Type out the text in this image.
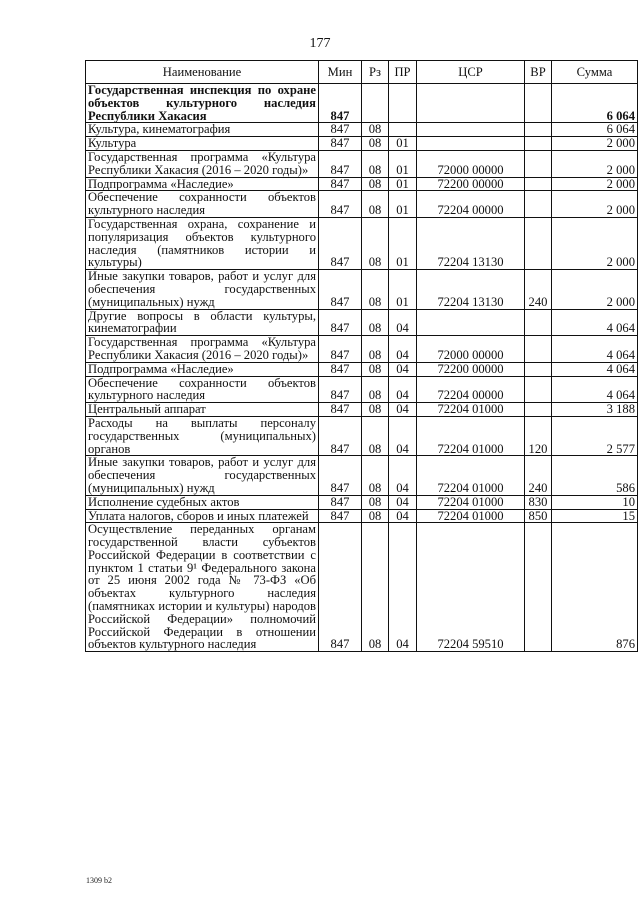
177
Наименование	Мин	Рз	ПР	ЦСР	ВР	Сумма
Государственная инспекция по охране объектов культурного наследия Республики Хакасия	847					6 064
Культура, кинематография	847	08				6 064
Культура	847	08	01			2 000
Государственная программа «Культура Республики Хакасия (2016 – 2020 годы)»	847	08	01	72000 00000		2 000
Подпрограмма «Наследие»	847	08	01	72200 00000		2 000
Обеспечение сохранности объектов культурного наследия	847	08	01	72204 00000		2 000
Государственная охрана, сохранение и популяризация объектов культурного наследия (памятников истории и культуры)	847	08	01	72204 13130		2 000
Иные закупки товаров, работ и услуг для обеспечения государственных (муниципальных) нужд	847	08	01	72204 13130	240	2 000
Другие вопросы в области культуры, кинематографии	847	08	04			4 064
Государственная программа «Культура Республики Хакасия (2016 – 2020 годы)»	847	08	04	72000 00000		4 064
Подпрограмма «Наследие»	847	08	04	72200 00000		4 064
Обеспечение сохранности объектов культурного наследия	847	08	04	72204 00000		4 064
Центральный аппарат	847	08	04	72204 01000		3 188
Расходы на выплаты персоналу государственных (муниципальных) органов	847	08	04	72204 01000	120	2 577
Иные закупки товаров, работ и услуг для обеспечения государственных (муниципальных) нужд	847	08	04	72204 01000	240	586
Исполнение судебных актов	847	08	04	72204 01000	830	10
Уплата налогов, сборов и иных платежей	847	08	04	72204 01000	850	15
Осуществление переданных органам государственной власти субъектов Российской Федерации в соответствии с пунктом 1 статьи 9¹ Федерального закона от 25 июня 2002 года № 73-ФЗ «Об объектах культурного наследия (памятниках истории и культуры) народов Российской Федерации» полномочий Российской Федерации в отношении объектов культурного наследия	847	08	04	72204 59510		876
1309 b2
